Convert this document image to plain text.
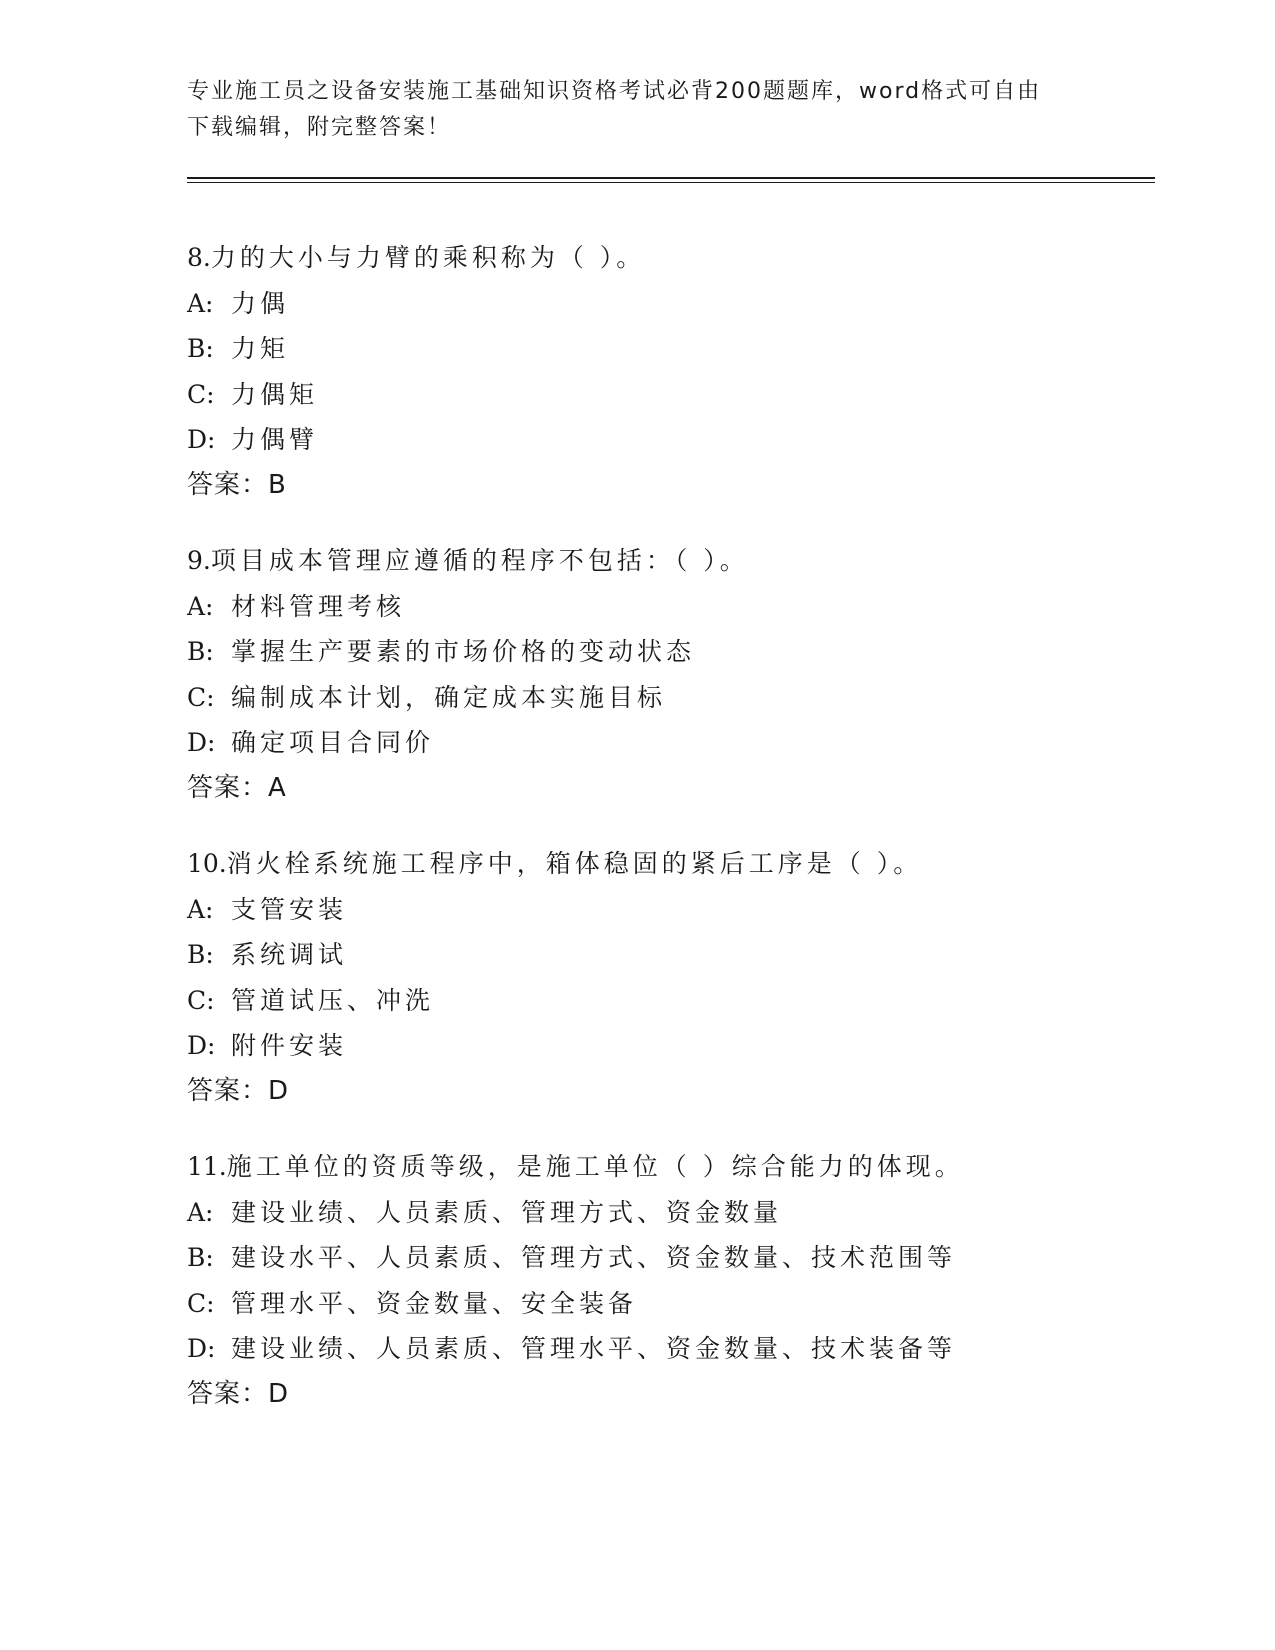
专业施工员之设备安装施工基础知识资格考试必背200题题库，word格式可自由
下载编辑，附完整答案！
8.力的大小与力臂的乘积称为（ ）。
A: 力偶
B: 力矩
C: 力偶矩
D: 力偶臂
答案：B
9.项目成本管理应遵循的程序不包括：（ ）。
A: 材料管理考核
B: 掌握生产要素的市场价格的变动状态
C: 编制成本计划，确定成本实施目标
D: 确定项目合同价
答案：A
10.消火栓系统施工程序中，箱体稳固的紧后工序是（ ）。
A: 支管安装
B: 系统调试
C: 管道试压、冲洗
D: 附件安装
答案：D
11.施工单位的资质等级，是施工单位（ ）综合能力的体现。
A: 建设业绩、人员素质、管理方式、资金数量
B: 建设水平、人员素质、管理方式、资金数量、技术范围等
C: 管理水平、资金数量、安全装备
D: 建设业绩、人员素质、管理水平、资金数量、技术装备等
答案：D
